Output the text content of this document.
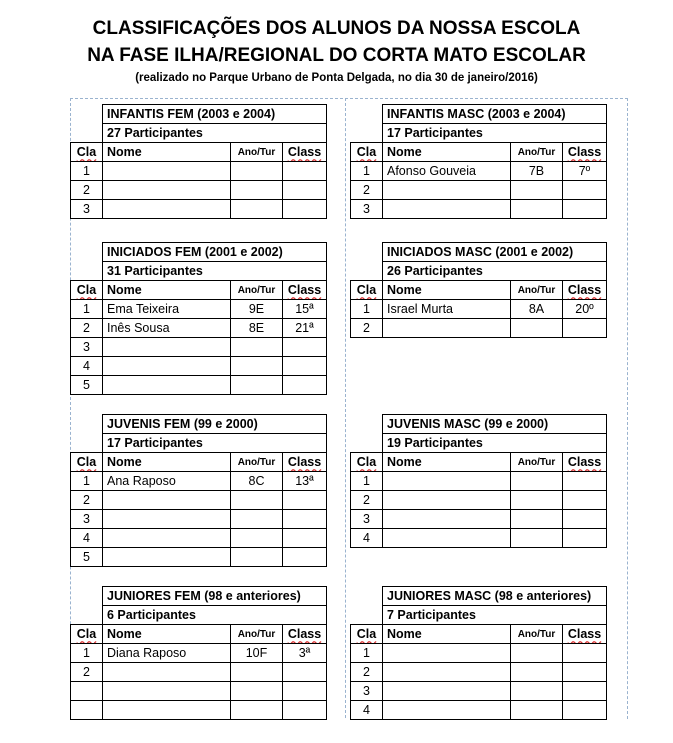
CLASSIFICAÇÕES DOS ALUNOS DA NOSSA ESCOLA
NA FASE ILHA/REGIONAL DO CORTA MATO ESCOLAR
(realizado no Parque Urbano de Ponta Delgada, no dia 30 de janeiro/2016)
	INFANTIS FEM (2003 e 2004)		
	27 Participantes		
Cla	Nome	Ano/Tur	Class
1			
2			
3			
	INFANTIS MASC (2003 e 2004)		
	17 Participantes		
Cla	Nome	Ano/Tur	Class
1	Afonso Gouveia	7B	7º
2			
3			
	INICIADOS FEM (2001 e 2002)		
	31 Participantes		
Cla	Nome	Ano/Tur	Class
1	Ema Teixeira	9E	15ª
2	Inês Sousa	8E	21ª
3			
4			
5			
	INICIADOS MASC (2001 e 2002)		
	26 Participantes		
Cla	Nome	Ano/Tur	Class
1	Israel Murta	8A	20º
2			
	JUVENIS FEM (99 e 2000)		
	17 Participantes		
Cla	Nome	Ano/Tur	Class
1	Ana Raposo	8C	13ª
2			
3			
4			
5			
	JUVENIS MASC (99 e 2000)		
	19 Participantes		
Cla	Nome	Ano/Tur	Class
1			
2			
3			
4			
	JUNIORES FEM (98 e anteriores)		
	6 Participantes		
Cla	Nome	Ano/Tur	Class
1	Diana Raposo	10F	3ª
2			

	JUNIORES MASC (98 e anteriores)		
	7 Participantes		
Cla	Nome	Ano/Tur	Class
1			
2			
3			
4			
